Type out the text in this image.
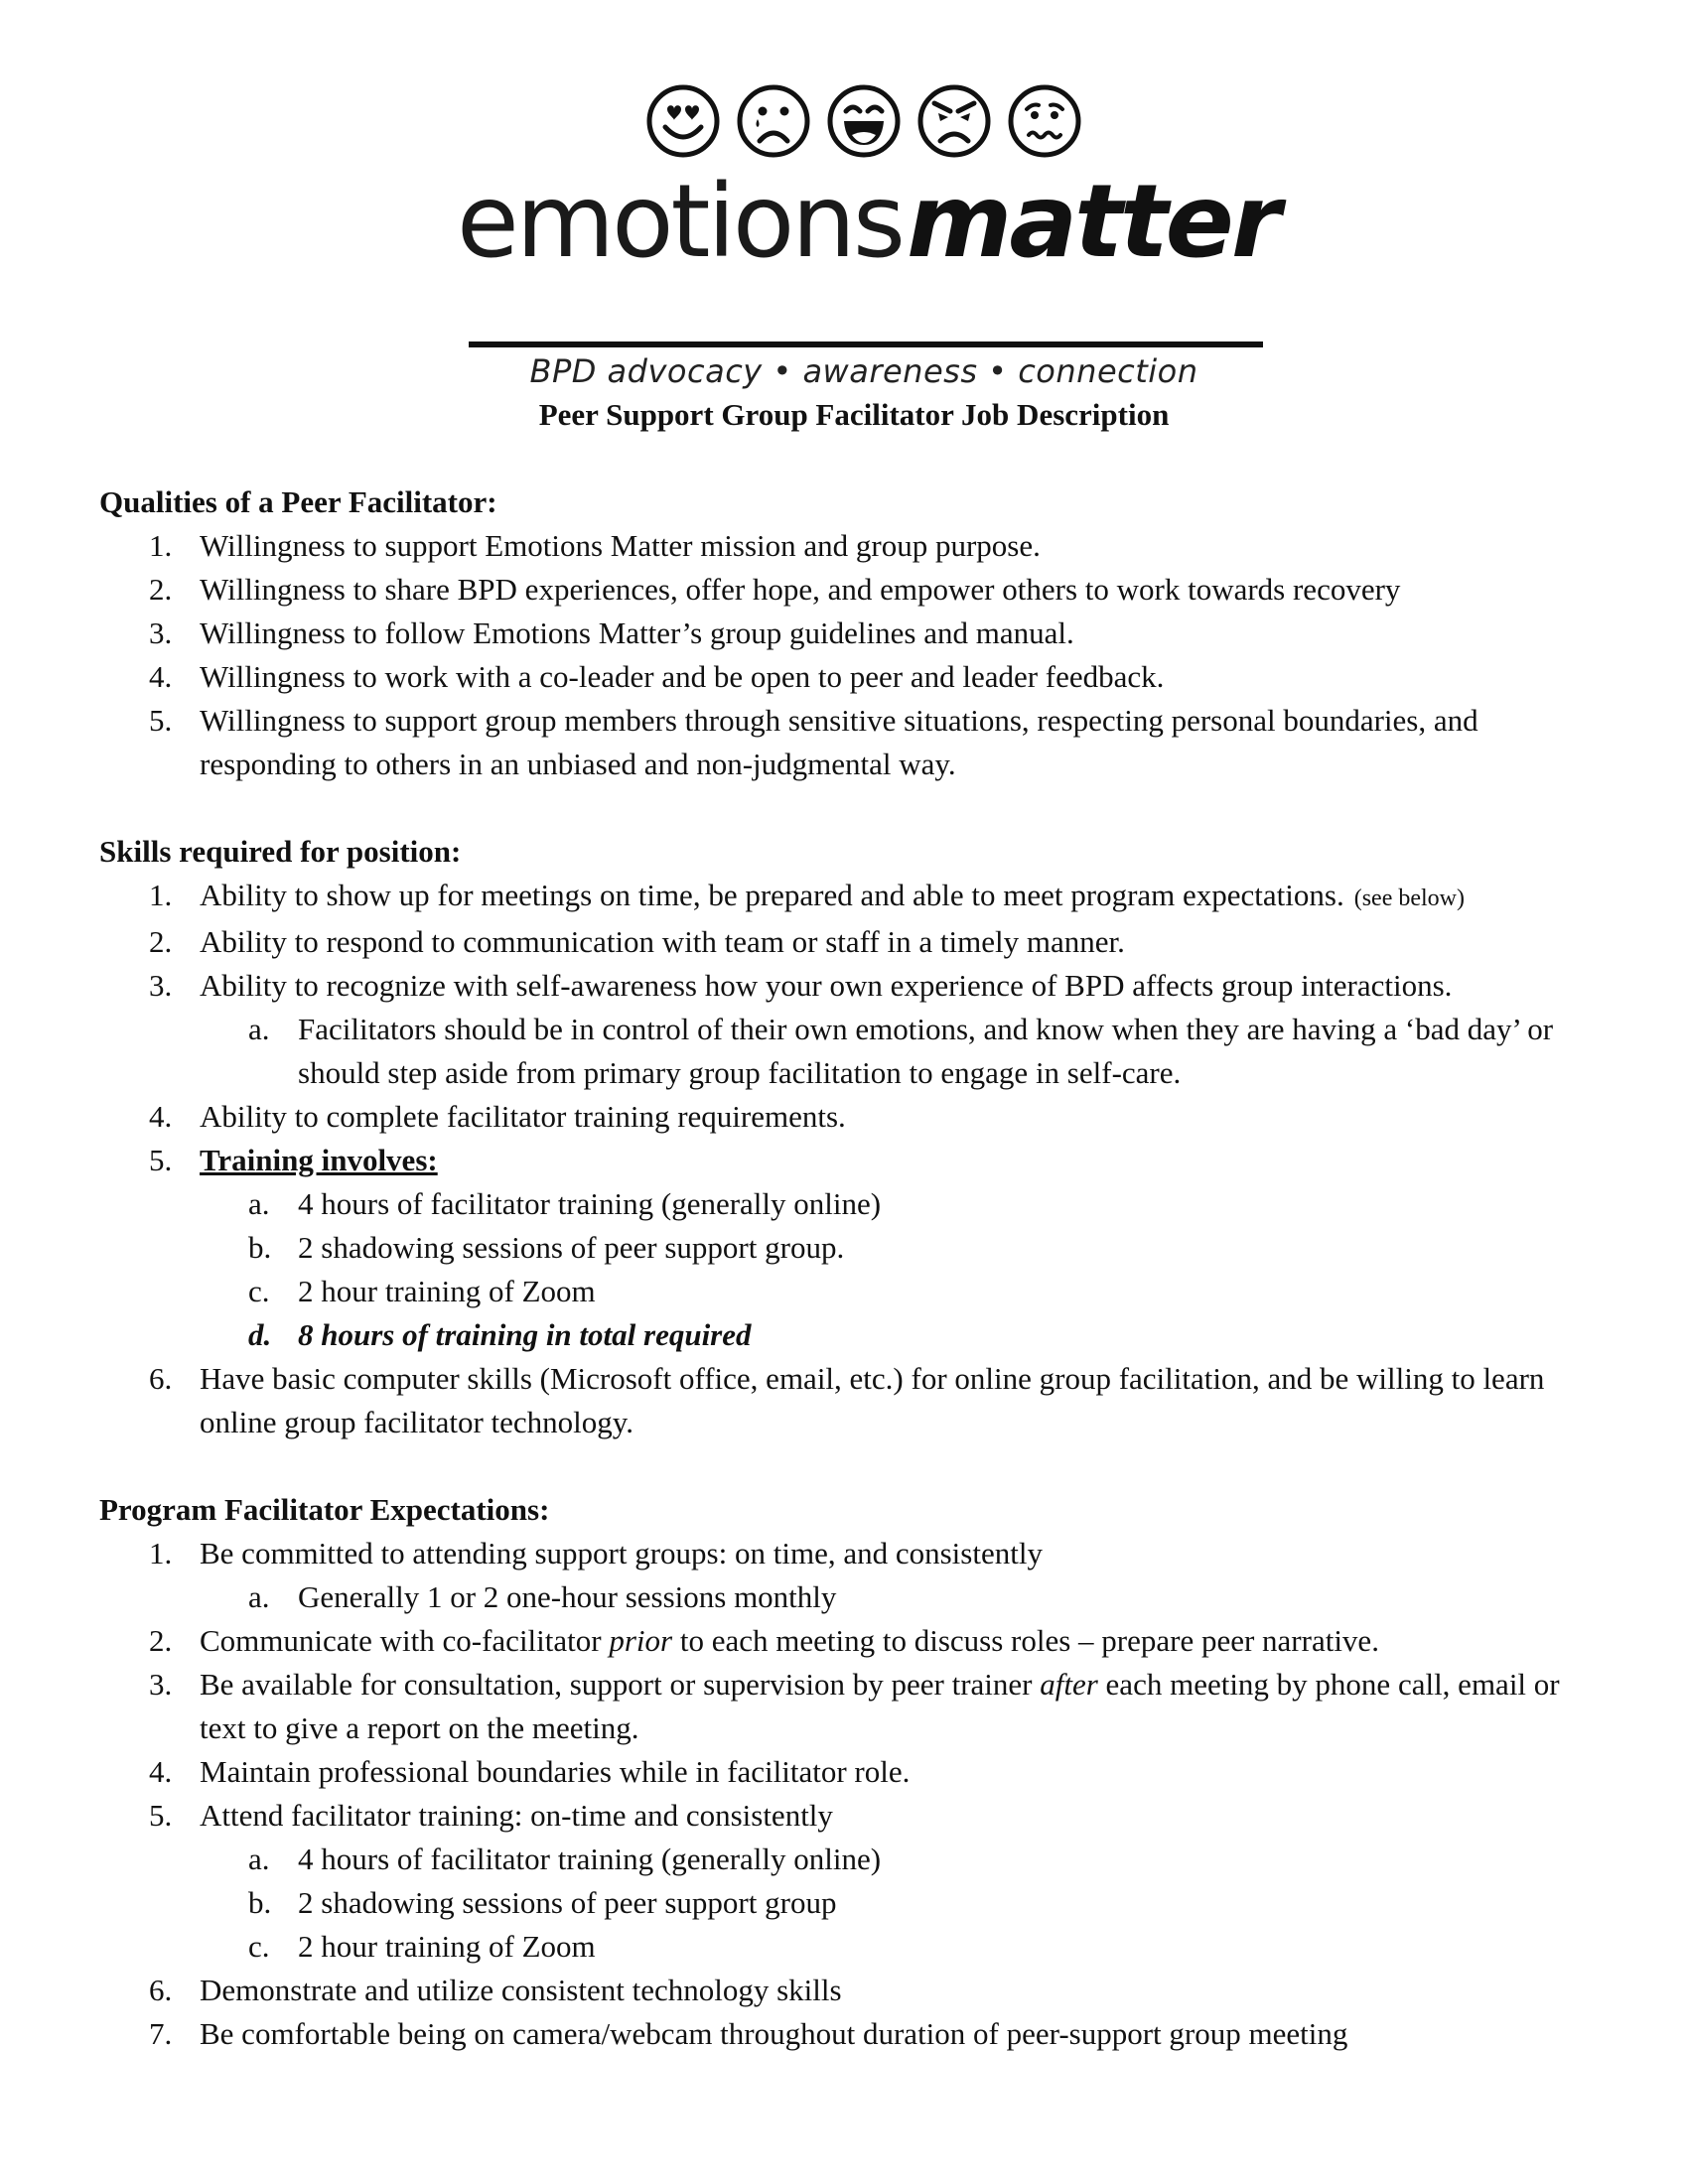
emotionsmatter
BPD advocacy • awareness • connection
Peer Support Group Facilitator Job Description
Qualities of a Peer Facilitator:
1. Willingness to support Emotions Matter mission and group purpose.
2. Willingness to share BPD experiences, offer hope, and empower others to work towards recovery
3. Willingness to follow Emotions Matter’s group guidelines and manual.
4. Willingness to work with a co-leader and be open to peer and leader feedback.
5. Willingness to support group members through sensitive situations, respecting personal boundaries, and responding to others in an unbiased and non-judgmental way.
Skills required for position:
1. Ability to show up for meetings on time, be prepared and able to meet program expectations. (see below)
2. Ability to respond to communication with team or staff in a timely manner.
3. Ability to recognize with self-awareness how your own experience of BPD affects group interactions.
a. Facilitators should be in control of their own emotions, and know when they are having a ‘bad day’ or should step aside from primary group facilitation to engage in self-care.
4. Ability to complete facilitator training requirements.
5. Training involves:
a. 4 hours of facilitator training (generally online)
b. 2 shadowing sessions of peer support group.
c. 2 hour training of Zoom
d. 8 hours of training in total required
6. Have basic computer skills (Microsoft office, email, etc.) for online group facilitation, and be willing to learn online group facilitator technology.
Program Facilitator Expectations:
1. Be committed to attending support groups: on time, and consistently
a. Generally 1 or 2 one-hour sessions monthly
2. Communicate with co-facilitator prior to each meeting to discuss roles – prepare peer narrative.
3. Be available for consultation, support or supervision by peer trainer after each meeting by phone call, email or text to give a report on the meeting.
4. Maintain professional boundaries while in facilitator role.
5. Attend facilitator training: on-time and consistently
a. 4 hours of facilitator training (generally online)
b. 2 shadowing sessions of peer support group
c. 2 hour training of Zoom
6. Demonstrate and utilize consistent technology skills
7. Be comfortable being on camera/webcam throughout duration of peer-support group meeting
